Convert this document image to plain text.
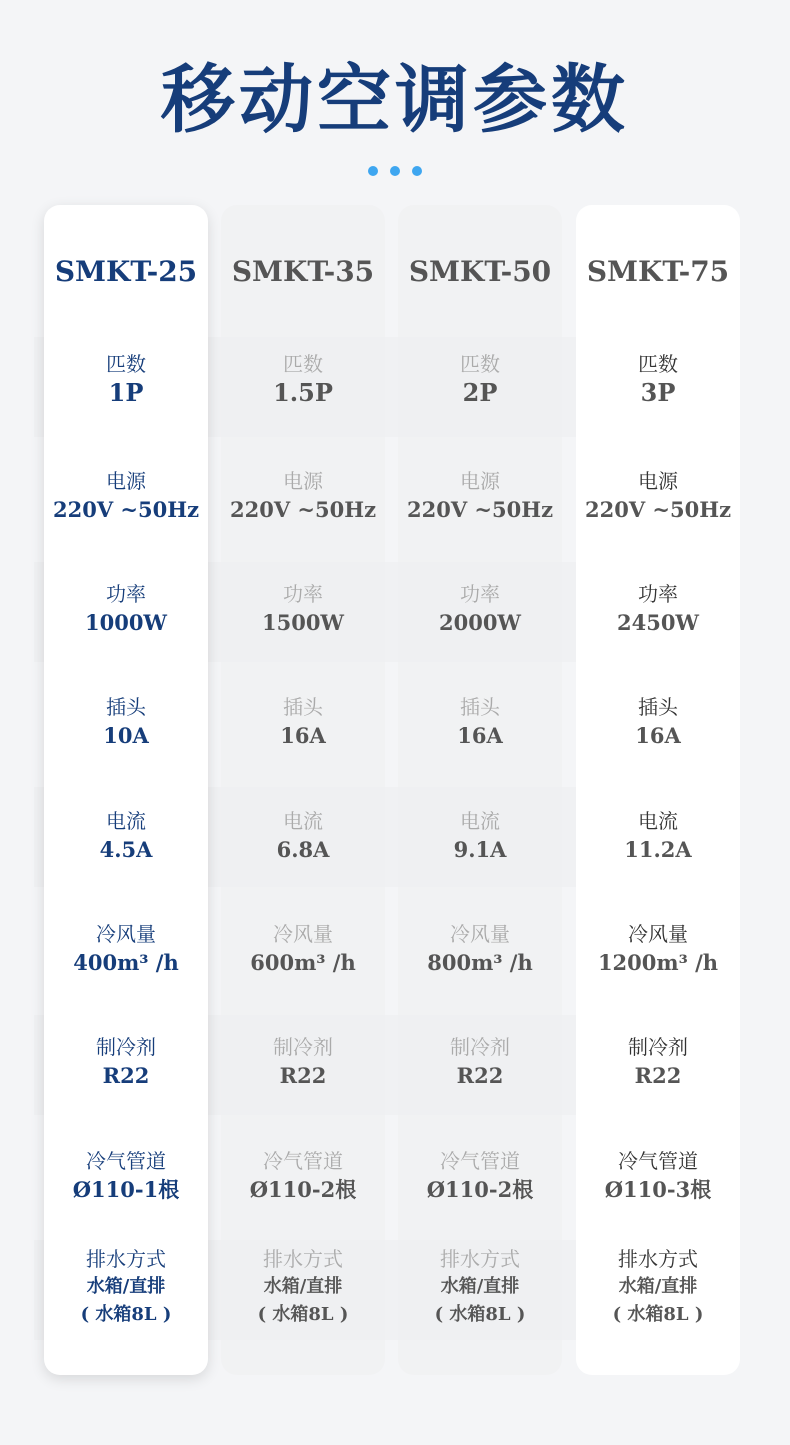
移动空调参数
SMKT-25
匹数
1P
电源
220V ~50Hz
功率
1000W
插头
10A
电流
4.5A
冷风量
400m³ /h
制冷剂
R22
冷气管道
Ø110-1根
排水方式
水箱/直排
( 水箱8L )
SMKT-35
匹数
1.5P
电源
220V ~50Hz
功率
1500W
插头
16A
电流
6.8A
冷风量
600m³ /h
制冷剂
R22
冷气管道
Ø110-2根
排水方式
水箱/直排
( 水箱8L )
SMKT-50
匹数
2P
电源
220V ~50Hz
功率
2000W
插头
16A
电流
9.1A
冷风量
800m³ /h
制冷剂
R22
冷气管道
Ø110-2根
排水方式
水箱/直排
( 水箱8L )
SMKT-75
匹数
3P
电源
220V ~50Hz
功率
2450W
插头
16A
电流
11.2A
冷风量
1200m³ /h
制冷剂
R22
冷气管道
Ø110-3根
排水方式
水箱/直排
( 水箱8L )
